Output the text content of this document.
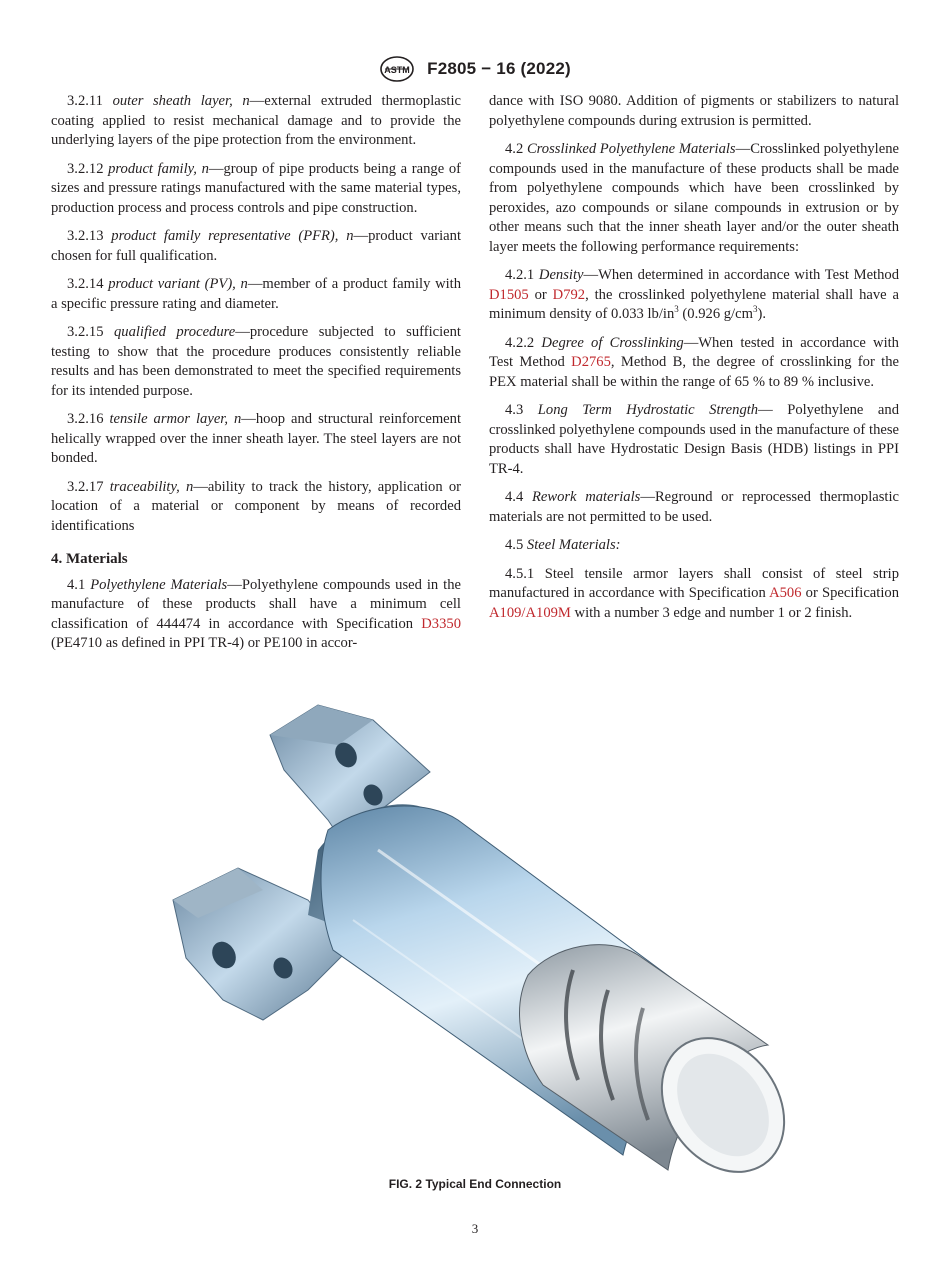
ASTM F2805 − 16 (2022)

3.2.11 outer sheath layer, n—external extruded thermoplastic coating applied to resist mechanical damage and to provide the underlying layers of the pipe protection from the environment.

3.2.12 product family, n—group of pipe products being a range of sizes and pressure ratings manufactured with the same material types, production process and process controls and pipe construction.

3.2.13 product family representative (PFR), n—product variant chosen for full qualification.

3.2.14 product variant (PV), n—member of a product family with a specific pressure rating and diameter.

3.2.15 qualified procedure—procedure subjected to sufficient testing to show that the procedure produces consistently reliable results and has been demonstrated to meet the specified requirements for its intended purpose.

3.2.16 tensile armor layer, n—hoop and structural reinforcement helically wrapped over the inner sheath layer. The steel layers are not bonded.

3.2.17 traceability, n—ability to track the history, application or location of a material or component by means of recorded identifications

4. Materials

4.1 Polyethylene Materials—Polyethylene compounds used in the manufacture of these products shall have a minimum cell classification of 444474 in accordance with Specification D3350 (PE4710 as defined in PPI TR-4) or PE100 in accor-

dance with ISO 9080. Addition of pigments or stabilizers to natural polyethylene compounds during extrusion is permitted.

4.2 Crosslinked Polyethylene Materials—Crosslinked polyethylene compounds used in the manufacture of these products shall be made from polyethylene compounds which have been crosslinked by peroxides, azo compounds or silane compounds in extrusion or by other means such that the inner sheath layer and/or the outer sheath layer meets the following performance requirements:

4.2.1 Density—When determined in accordance with Test Method D1505 or D792, the crosslinked polyethylene material shall have a minimum density of 0.033 $lb/in^3$ (0.926 $g/cm^3$).

4.2.2 Degree of Crosslinking—When tested in accordance with Test Method D2765, Method B, the degree of crosslinking for the PEX material shall be within the range of 65 % to 89 % inclusive.

4.3 Long Term Hydrostatic Strength— Polyethylene and crosslinked polyethylene compounds used in the manufacture of these products shall have Hydrostatic Design Basis (HDB) listings in PPI TR-4.

4.4 Rework materials—Reground or reprocessed thermoplastic materials are not permitted to be used.

4.5 Steel Materials:

4.5.1 Steel tensile armor layers shall consist of steel strip manufactured in accordance with Specification A506 or Specification A109/A109M with a number 3 edge and number 1 or 2 finish.

FIG. 2 Typical End Connection
3
